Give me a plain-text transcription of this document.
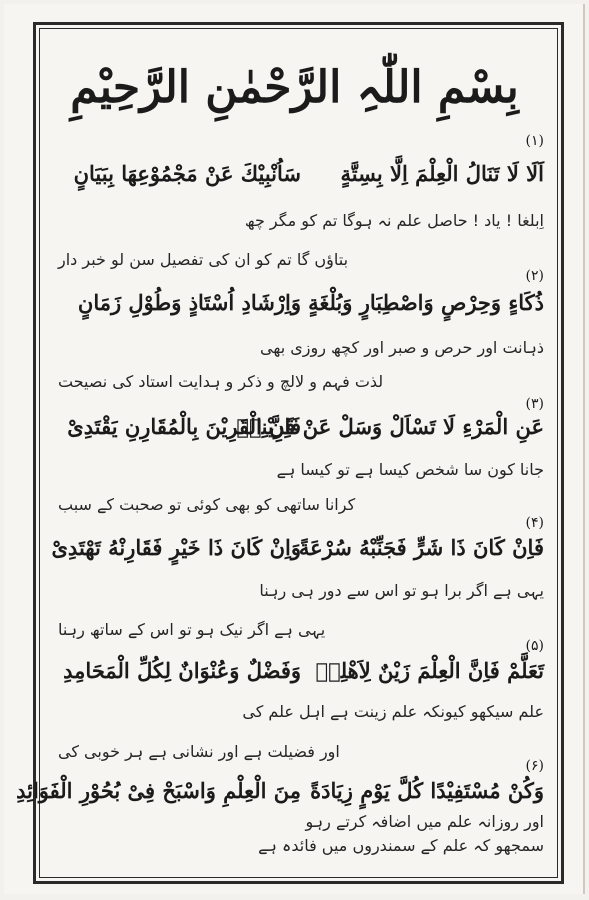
بِسْمِ اللّٰہِ الرَّحْمٰنِ الرَّحِیْمِ
(۱)
اَلَا لَا تَنَالُ الْعِلْمَ اِلَّا بِسِتَّةٍسَاُنْبِیْكَ عَنْ مَجْمُوْعِهَا بِبَيَانٍ
اِبلغا ! یاد ! حاصل علم نہ ہوگا تم کو مگر چھ
بتاؤں گا تم کو ان کی تفصیل سن لو خبر دار
(۲)
ذُكَاءٍ وَحِرْصٍ وَاصْطِبَارٍ وَبُلْغَةٍوَاِرْشَادِ اُسْتَاذٍ وَطُوْلِ زَمَانٍ
ذہانت اور حرص و صبر اور کچھ روزی بھی
لذت فہم و لالچ و ذکر و ہدایت استاد کی نصیحت
(۳)
عَنِ الْمَرْءِ لَا تَسْاَلْ وَسَلْ عَنْ قَرِيْنِهٖفَاِنَّ الْقَرِيْنَ بِالْمُقَارِنِ يَقْتَدِىْ
جانا کون سا شخص کیسا ہے تو کیسا ہے
کرانا ساتھی کو بھی کوئی تو صحبت کے سبب
(۴)
فَاِنْ كَانَ ذَا شَرٍّ فَجَنِّبْهُ سُرْعَةًوَاِنْ كَانَ ذَا خَيْرٍ فَقَارِنْهُ تَهْتَدِىْ
یہی ہے اگر برا ہو تو اس سے دور ہی رہنا
یہی ہے اگر نیک ہو تو اس کے ساتھ رہنا
(۵)
تَعَلَّمْ فَاِنَّ الْعِلْمَ زَيْنٌ لِاَهْلِهٖوَفَضْلٌ وَعُنْوَانٌ لِكُلِّ الْمَحَامِدِ
علم سیکھو کیونکہ علم زینت ہے اہل علم کی
اور فضیلت ہے اور نشانی ہے ہر خوبی کی
(۶)
وَكُنْ مُسْتَفِيْدًا كُلَّ يَوْمٍ زِيَادَةًمِنَ الْعِلْمِ وَاسْبَحْ فِىْ بُحُوْرِ الْفَوَائِدِ
اور روزانہ علم میں اضافہ کرتے رہو
سمجھو کہ علم کے سمندروں میں فائدہ ہے
